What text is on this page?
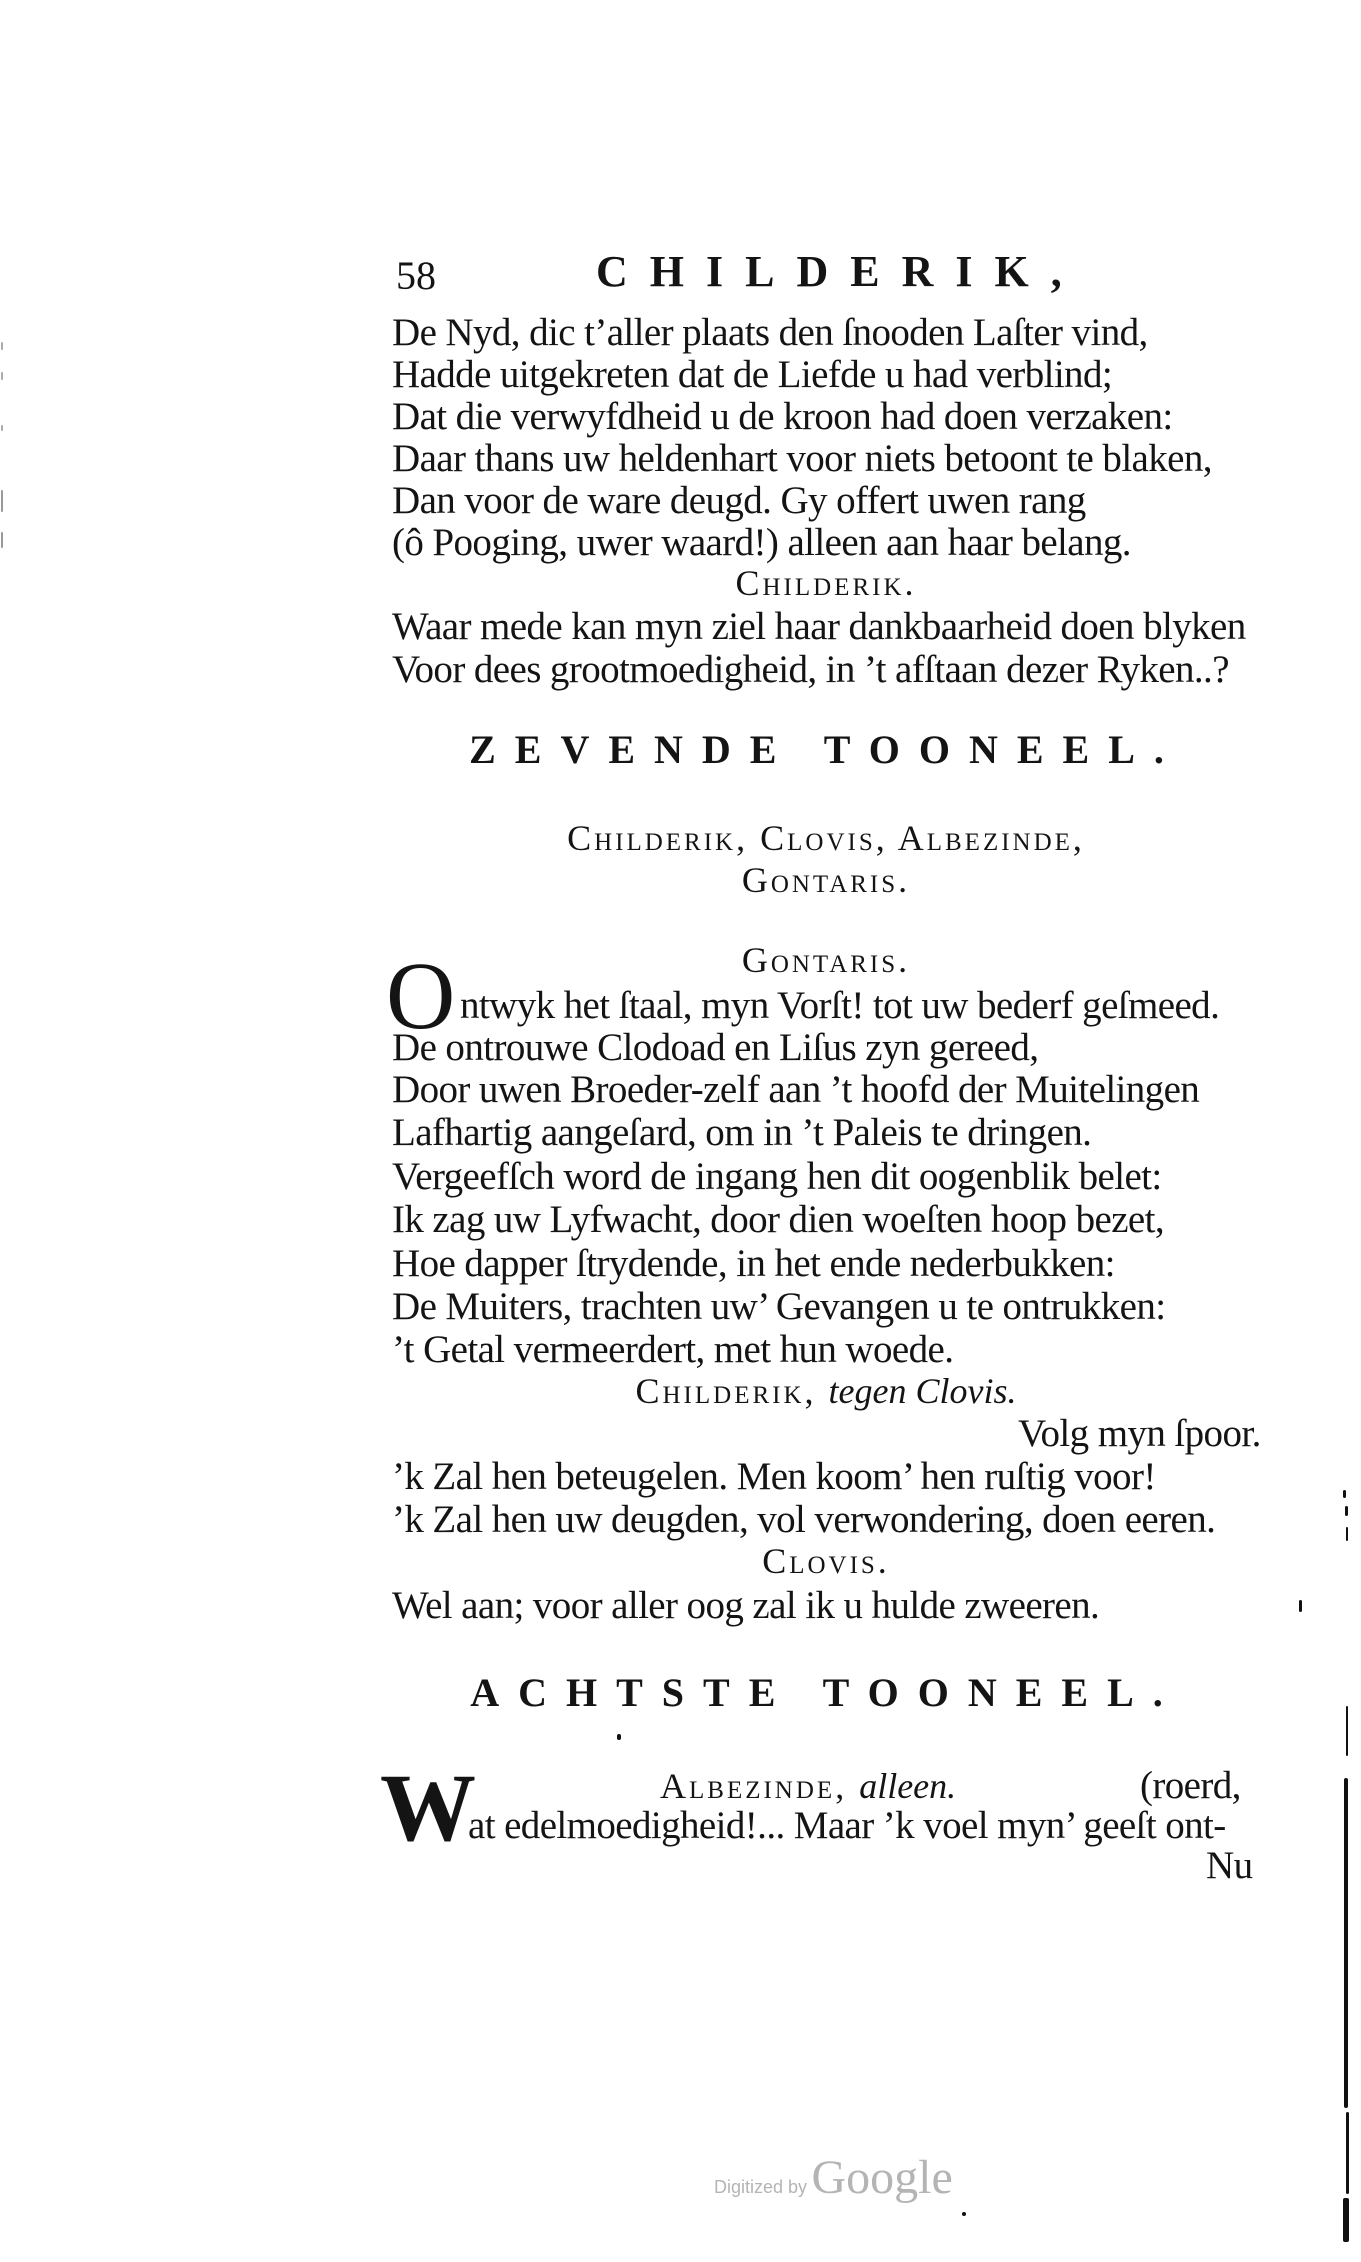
58	CHILDERIK,
De Nyd, dic t’aller plaats den ſnooden Laſter vind,
Hadde uitgekreten dat de Liefde u had verblind;
Dat die verwyfdheid u de kroon had doen verzaken:
Daar thans uw heldenhart voor niets betoont te blaken,
Dan voor de ware deugd. Gy offert uwen rang
(ô Pooging, uwer waard!) alleen aan haar belang.
Childerik.
Waar mede kan myn ziel haar dankbaarheid doen blyken
Voor dees grootmoedigheid, in ’t afſtaan dezer Ryken..?
ZEVENDE TOONEEL.
Childerik, Clovis, Albezinde,
Gontaris.
Gontaris.
O ntwyk het ſtaal, myn Vorſt! tot uw bederf geſmeed.
De ontrouwe Clodoad en Liſus zyn gereed,
Door uwen Broeder-zelf aan ’t hoofd der Muitelingen
Lafhartig aangeſard, om in ’t Paleis te dringen.
Vergeefſch word de ingang hen dit oogenblik belet:
Ik zag uw Lyfwacht, door dien woeſten hoop bezet,
Hoe dapper ſtrydende, in het ende nederbukken:
De Muiters, trachten uw’ Gevangen u te ontrukken:
’t Getal vermeerdert, met hun woede.
Childerik, tegen Clovis.
Volg myn ſpoor.
’k Zal hen beteugelen. Men koom’ hen ruſtig voor!
’k Zal hen uw deugden, vol verwondering, doen eeren.
Clovis.
Wel aan; voor aller oog zal ik u hulde zweeren.
ACHTSTE TOONEEL.
Albezinde, alleen.	(roerd,
W
at edelmoedigheid!... Maar ’k voel myn’ geeſt ont-
Nu
Digitized by Google
